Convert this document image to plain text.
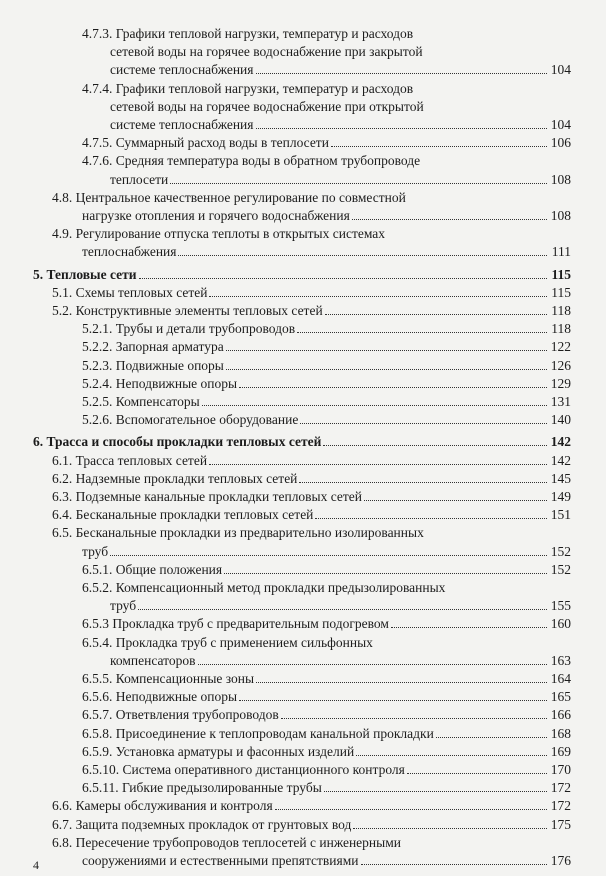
4.7.3. Графики тепловой нагрузки, температур и расходов
сетевой воды на горячее водоснабжение при закрытой
системе теплоснабжения	104
4.7.4. Графики тепловой нагрузки, температур и расходов
сетевой воды на горячее водоснабжение при открытой
системе теплоснабжения	104
4.7.5. Суммарный расход воды в теплосети	106
4.7.6. Средняя температура воды в обратном трубопроводе
теплосети	108
4.8. Центральное качественное регулирование по совместной
нагрузке отопления и горячего водоснабжения	108
4.9. Регулирование отпуска теплоты в открытых системах
теплоснабжения	111
5. Тепловые сети	115
5.1. Схемы тепловых сетей	115
5.2. Конструктивные элементы тепловых сетей	118
5.2.1. Трубы и детали трубопроводов	118
5.2.2. Запорная арматура	122
5.2.3. Подвижные опоры	126
5.2.4. Неподвижные опоры	129
5.2.5. Компенсаторы	131
5.2.6. Вспомогательное оборудование	140
6. Трасса и способы прокладки тепловых сетей	142
6.1. Трасса тепловых сетей	142
6.2. Надземные прокладки тепловых сетей	145
6.3. Подземные канальные прокладки тепловых сетей	149
6.4. Бесканальные прокладки тепловых сетей	151
6.5. Бесканальные прокладки из предварительно изолированных
труб	152
6.5.1. Общие положения	152
6.5.2. Компенсационный метод прокладки предызолированных
труб	155
6.5.3 Прокладка труб с предварительным подогревом	160
6.5.4. Прокладка труб с применением сильфонных
компенсаторов	163
6.5.5. Компенсационные зоны	164
6.5.6. Неподвижные опоры	165
6.5.7. Ответвления трубопроводов	166
6.5.8. Присоединение к теплопроводам канальной прокладки	168
6.5.9. Установка арматуры и фасонных изделий	169
6.5.10. Система оперативного дистанционного контроля	170
6.5.11. Гибкие предызолированные трубы	172
6.6. Камеры обслуживания и контроля	172
6.7. Защита подземных прокладок от грунтовых вод	175
6.8. Пересечение трубопроводов теплосетей с инженерными
сооружениями и естественными препятствиями	176
4
